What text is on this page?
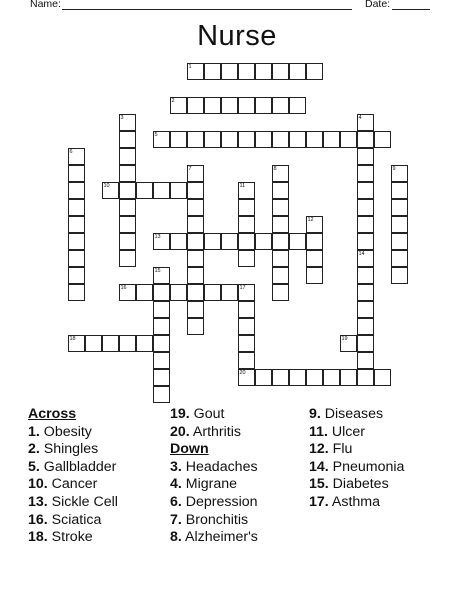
Name:	Date:
Nurse
1
2
3	4
5
6
7	8	9
10	11
12
13
14
15
16	17
18	19
20
Across
1. Obesity
2. Shingles
5. Gallbladder
10. Cancer
13. Sickle Cell
16. Sciatica
18. Stroke
19. Gout
20. Arthritis
Down
3. Headaches
4. Migrane
6. Depression
7. Bronchitis
8. Alzheimer's
9. Diseases
11. Ulcer
12. Flu
14. Pneumonia
15. Diabetes
17. Asthma
